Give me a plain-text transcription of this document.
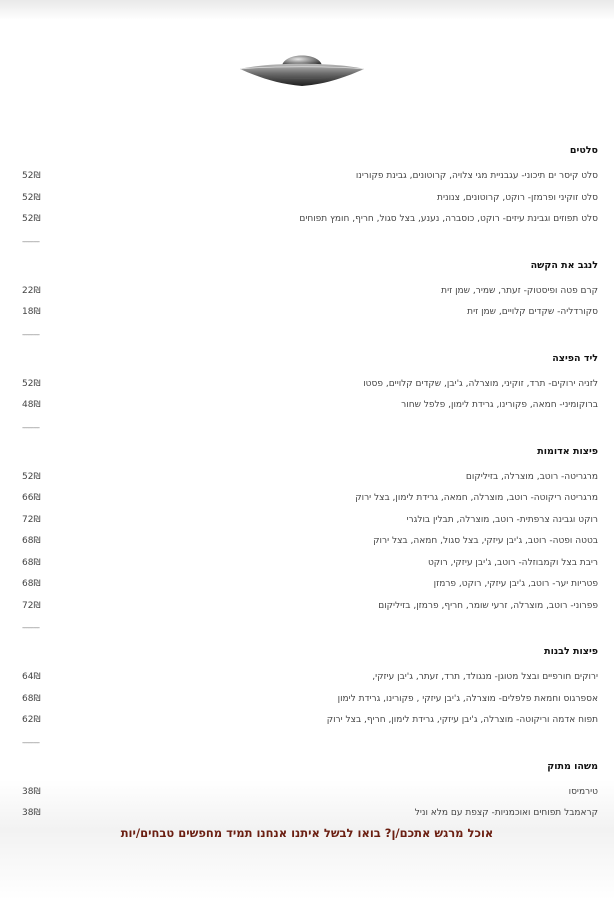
סלטים
סלט קיסר ים תיכוני- עגבניית מגי צלויה, קרוטונים, גבינת פקורינו
52₪
סלט זוקיני ופרמזן- רוקט, קרוטונים, צנונית
52₪
סלט תפוזים וגבינת עיזים- רוקט, כוסברה, נענע, בצל סגול, חריף, חומץ תפוחים
52₪
---------
לנגב את הקשה
קרם פטה ופיסטוק- זעתר, שמיר, שמן זית
22₪
סקורדליה- שקדים קלויים, שמן זית
18₪
---------
ליד הפיצה
לזניה ירוקים- תרד, זוקיני, מוצרלה, ג'יבן, שקדים קלויים, פסטו
52₪
ברוקומיני- חמאה, פקורינו, גרידת לימון, פלפל שחור
48₪
---------
פיצות אדומות
מרגריטה- רוטב, מוצרלה, בזיליקום
52₪
מרגריטה ריקוטה- רוטב, מוצרלה, חמאה, גרידת לימון, בצל ירוק
66₪
רוקט וגבינה צרפתית- רוטב, מוצרלה, תבלין בולגרי
72₪
בטטה ופטה- רוטב, ג'יבן עיזקי, בצל סגול, חמאה, בצל ירוק
68₪
ריבת בצל וקמבוזלה- רוטב, ג'יבן עיזקי, רוקט
68₪
פטריות יער- רוטב, ג'יבן עיזקי, רוקט, פרמזן
68₪
פפרוני- רוטב, מוצרלה, זרעי שומר, חריף, פרמזן, בזיליקום
72₪
---------
פיצות לבנות
ירוקים חורפיים ובצל מטוגן- מנגולד, תרד, זעתר, ג'יבן עיזקי,
64₪
אספרגוס וחמאת פלפלים- מוצרלה, ג'יבן עיזקי , פקורינו, גרידת לימון
68₪
תפוח אדמה וריקוטה- מוצרלה, ג'יבן עיזקי, גרידת לימון, חריף, בצל ירוק
62₪
---------
משהו מתוק
טירמיסו
38₪
קראמבל תפוחים ואוכמניות- קצפת עם מלא וניל
38₪
אוכל מרגש אתכם/ן? בואו לבשל איתנו אנחנו תמיד מחפשים טבחים/יות
